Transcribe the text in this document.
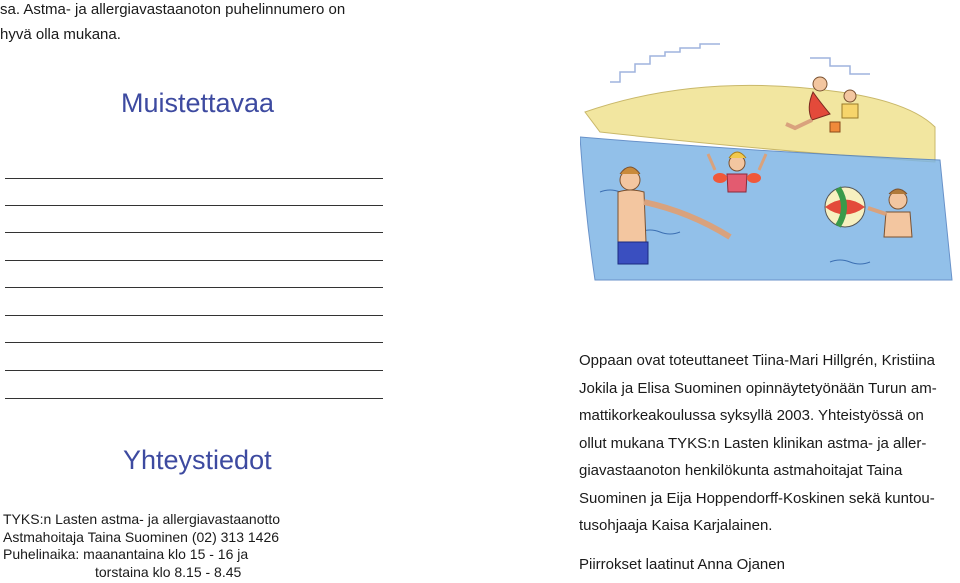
sa. Astma- ja allergiavastaanoton puhelinnumero on
hyvä olla mukana.
Muistettavaa
Yhteystiedot
TYKS:n Lasten astma- ja allergiavastaanotto
Astmahoitaja Taina Suominen (02) 313 1426
Puhelinaika: maanantaina klo 15 - 16 ja
torstaina klo 8.15 - 8.45
Oppaan ovat toteuttaneet Tiina-Mari Hillgrén, Kristiina
Jokila ja Elisa Suominen opinnäytetyönään Turun am-
mattikorkeakoulussa syksyllä 2003. Yhteistyössä on
ollut mukana TYKS:n Lasten klinikan astma- ja aller-
giavastaanoton henkilökunta astmahoitajat Taina
Suominen ja Eija Hoppendorff-Koskinen sekä kuntou-
tusohjaaja Kaisa Karjalainen.
Piirrokset laatinut Anna Ojanen
